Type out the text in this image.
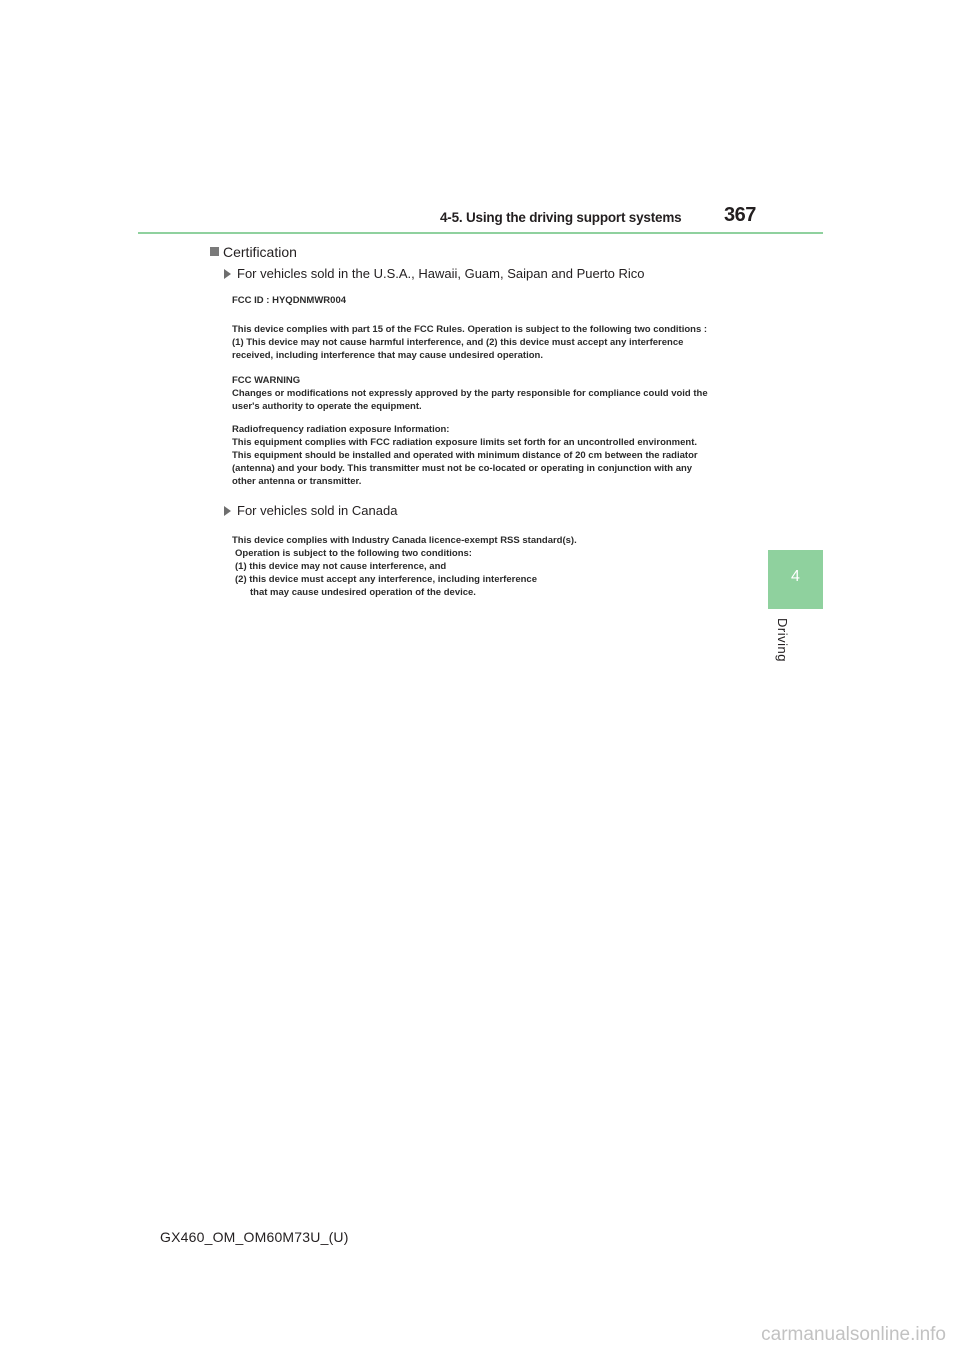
4-5. Using the driving support systems 367
4
Driving
Certification
For vehicles sold in the U.S.A., Hawaii, Guam, Saipan and Puerto Rico

FCC ID : HYQDNMWR004

This device complies with part 15 of the FCC Rules. Operation is subject to the following two conditions :

(1) This device may not cause harmful interference, and (2) this device must accept any interference

received, including interference that may cause undesired operation.

FCC WARNING

Changes or modifications not expressly approved by the party responsible for compliance could void the

user's authority to operate the equipment.

Radiofrequency radiation exposure Information:

This equipment complies with FCC radiation exposure limits set forth for an uncontrolled environment.

This equipment should be installed and operated with minimum distance of 20 cm between the radiator

(antenna) and your body. This transmitter must not be co-located or operating in conjunction with any

other antenna or transmitter.

For vehicles sold in Canada

This device complies with Industry Canada licence-exempt RSS standard(s).

Operation is subject to the following two conditions:

(1) this device may not cause interference, and

(2) this device must accept any interference, including interference

that may cause undesired operation of the device.

GX460_OM_OM60M73U_(U)
carmanualsonline.info
